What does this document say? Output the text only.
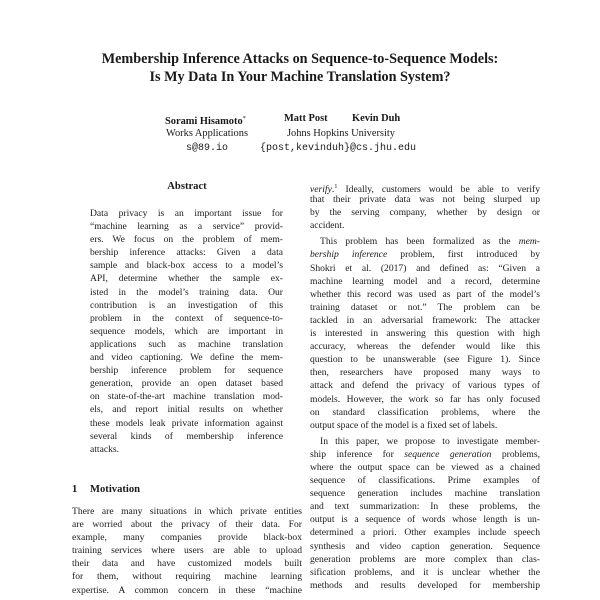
Membership Inference Attacks on Sequence-to-Sequence Models:
Is My Data In Your Machine Translation System?
Sorami Hisamoto*	Matt Post Kevin Duh
Works Applications	Johns Hopkins University
s@89.io	{post,kevinduh}@cs.jhu.edu
Abstract
Data privacy is an important issue for
“machine learning as a service” provid-
ers. We focus on the problem of mem-
bership inference attacks: Given a data
sample and black-box access to a model’s
API, determine whether the sample ex-
isted in the model’s training data. Our
contribution is an investigation of this
problem in the context of sequence-to-
sequence models, which are important in
applications such as machine translation
and video captioning. We define the mem-
bership inference problem for sequence
generation, provide an open dataset based
on state-of-the-art machine translation mod-
els, and report initial results on whether
these models leak private information against
several kinds of membership inference
attacks.
1 Motivation
There are many situations in which private entities
are worried about the privacy of their data. For
example, many companies provide black-box
training services where users are able to upload
their data and have customized models built
for them, without requiring machine learning
expertise. A common concern in these “machine
verify.$^1$ Ideally, customers would be able to verify
that their private data was not being slurped up
by the serving company, whether by design or
accident.
This problem has been formalized as the mem-
bership inference problem, first introduced by
Shokri et al. (2017) and defined as: “Given a
machine learning model and a record, determine
whether this record was used as part of the model’s
training dataset or not.” The problem can be
tackled in an adversarial framework: The attacker
is interested in answering this question with high
accuracy, whereas the defender would like this
question to be unanswerable (see Figure 1). Since
then, researchers have proposed many ways to
attack and defend the privacy of various types of
models. However, the work so far has only focused
on standard classification problems, where the
output space of the model is a fixed set of labels.
In this paper, we propose to investigate member-
ship inference for sequence generation problems,
where the output space can be viewed as a chained
sequence of classifications. Prime examples of
sequence generation includes machine translation
and text summarization: In these problems, the
output is a sequence of words whose length is un-
determined a priori. Other examples include speech
synthesis and video caption generation. Sequence
generation problems are more complex than clas-
sification problems, and it is unclear whether the
methods and results developed for membership
